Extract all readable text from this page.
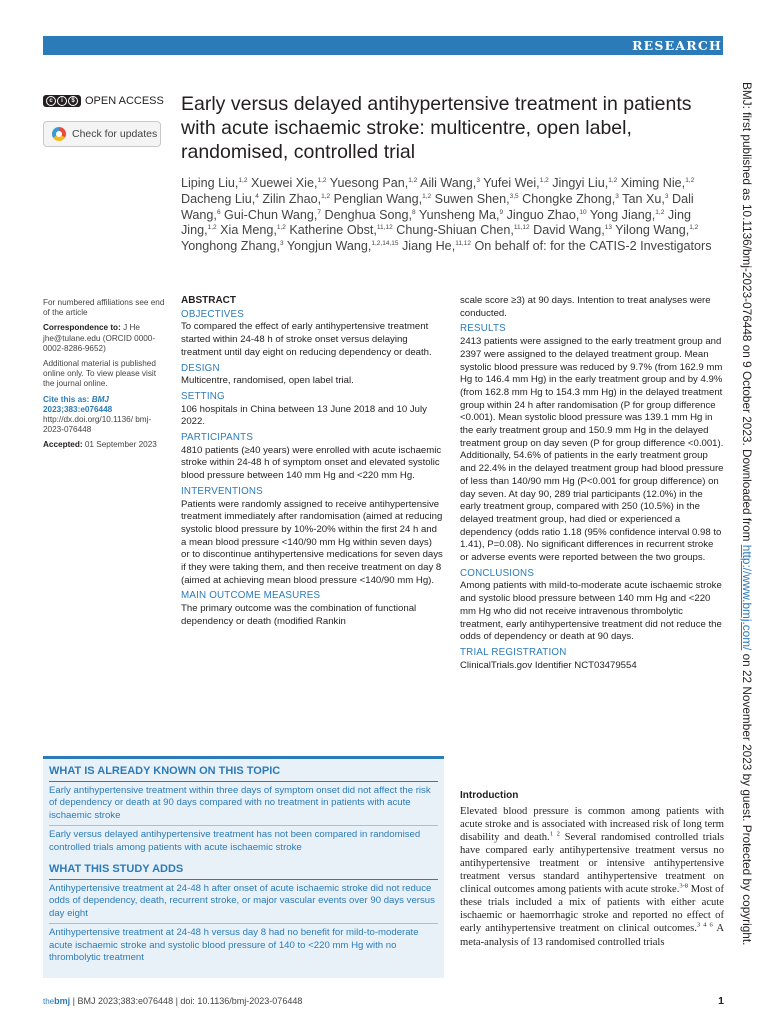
RESEARCH
c	i	$ OPEN ACCESS
Check for updates
Early versus delayed antihypertensive treatment in patients with acute ischaemic stroke: multicentre, open label, randomised, controlled trial
Liping Liu,$^{1,2}$ Xuewei Xie,$^{1,2}$ Yuesong Pan,$^{1,2}$ Aili Wang,$^3$ Yufei Wei,$^{1,2}$ Jingyi Liu,$^{1,2}$ Ximing Nie,$^{1,2}$ Dacheng Liu,$^4$ Zilin Zhao,$^{1,2}$ Penglian Wang,$^{1,2}$ Suwen Shen,$^{3,5}$ Chongke Zhong,$^3$ Tan Xu,$^3$ Dali Wang,$^6$ Gui-Chun Wang,$^7$ Denghua Song,$^8$ Yunsheng Ma,$^9$ Jinguo Zhao,$^{10}$ Yong Jiang,$^{1,2}$ Jing Jing,$^{1,2}$ Xia Meng,$^{1,2}$ Katherine Obst,$^{11,12}$ Chung-Shiuan Chen,$^{11,12}$ David Wang,$^{13}$ Yilong Wang,$^{1,2}$ Yonghong Zhang,$^3$ Yongjun Wang,$^{1,2,14,15}$ Jiang He,$^{11,12}$ On behalf of: for the CATIS-2 Investigators

For numbered affiliations see end of the article

Correspondence to: J He jhe@tulane.edu (ORCID 0000-0002-8286-9652)

Additional material is published online only. To view please visit the journal online.

Cite this as: BMJ 2023;383:e076448
http://dx.doi.org/10.1136/ bmj-2023-076448

Accepted: 01 September 2023

ABSTRACT
OBJECTIVES

To compared the effect of early antihypertensive treatment started within 24-48 h of stroke onset versus delaying treatment until day eight on reducing dependency or death.

DESIGN

Multicentre, randomised, open label trial.

SETTING

106 hospitals in China between 13 June 2018 and 10 July 2022.

PARTICIPANTS

4810 patients (≥40 years) were enrolled with acute ischaemic stroke within 24-48 h of symptom onset and elevated systolic blood pressure between 140 mm Hg and <220 mm Hg.

INTERVENTIONS

Patients were randomly assigned to receive antihypertensive treatment immediately after randomisation (aimed at reducing systolic blood pressure by 10%-20% within the first 24 h and a mean blood pressure <140/90 mm Hg within seven days) or to discontinue antihypertensive medications for seven days if they were taking them, and then receive treatment on day 8 (aimed at achieving mean blood pressure <140/90 mm Hg).

MAIN OUTCOME MEASURES

The primary outcome was the combination of functional dependency or death (modified Rankin

scale score ≥3) at 90 days. Intention to treat analyses were conducted.

RESULTS

2413 patients were assigned to the early treatment group and 2397 were assigned to the delayed treatment group. Mean systolic blood pressure was reduced by 9.7% (from 162.9 mm Hg to 146.4 mm Hg) in the early treatment group and by 4.9% (from 162.8 mm Hg to 154.3 mm Hg) in the delayed treatment group within 24 h after randomisation (P for group difference <0.001). Mean systolic blood pressure was 139.1 mm Hg in the early treatment group and 150.9 mm Hg in the delayed treatment group on day seven (P for group difference <0.001). Additionally, 54.6% of patients in the early treatment group and 22.4% in the delayed treatment group had blood pressure of less than 140/90 mm Hg (P<0.001 for group difference) on day seven. At day 90, 289 trial participants (12.0%) in the early treatment group, compared with 250 (10.5%) in the delayed treatment group, had died or experienced a dependency (odds ratio 1.18 (95% confidence interval 0.98 to 1.41), P=0.08). No significant differences in recurrent stroke or adverse events were reported between the two groups.

CONCLUSIONS

Among patients with mild-to-moderate acute ischaemic stroke and systolic blood pressure between 140 mm Hg and <220 mm Hg who did not receive intravenous thrombolytic treatment, early antihypertensive treatment did not reduce the odds of dependency or death at 90 days.

TRIAL REGISTRATION

ClinicalTrials.gov Identifier NCT03479554

WHAT IS ALREADY KNOWN ON THIS TOPIC
Early antihypertensive treatment within three days of symptom onset did not affect the risk of dependency or death at 90 days compared with no treatment in patients with acute ischaemic stroke
Early versus delayed antihypertensive treatment has not been compared in randomised controlled trials among patients with acute ischaemic stroke
WHAT THIS STUDY ADDS
Antihypertensive treatment at 24-48 h after onset of acute ischaemic stroke did not reduce odds of dependency, death, recurrent stroke, or major vascular events over 90 days versus day eight
Antihypertensive treatment at 24-48 h versus day 8 had no benefit for mild-to-moderate acute ischaemic stroke and systolic blood pressure of 140 to <220 mm Hg with no thrombolytic treatment
Introduction

Elevated blood pressure is common among patients with acute stroke and is associated with increased risk of long term disability and death.$^{1 2}$ Several randomised controlled trials have compared early antihypertensive treatment versus no antihypertensive treatment or intensive antihypertensive treatment versus standard antihypertensive treatment on clinical outcomes among patients with acute stroke.$^{3-8}$ Most of these trials included a mix of patients with either acute ischaemic or haemorrhagic stroke and reported no effect of early antihypertensive treatment on clinical outcomes.$^{3 4 6}$ A meta-analysis of 13 randomised controlled trials

BMJ: first published as 10.1136/bmj-2023-076448 on 9 October 2023. Downloaded from http://www.bmj.com/ on 22 November 2023 by guest. Protected by copyright.
thebmj | BMJ 2023;383:e076448 | doi: 10.1136/bmj-2023-076448	1
